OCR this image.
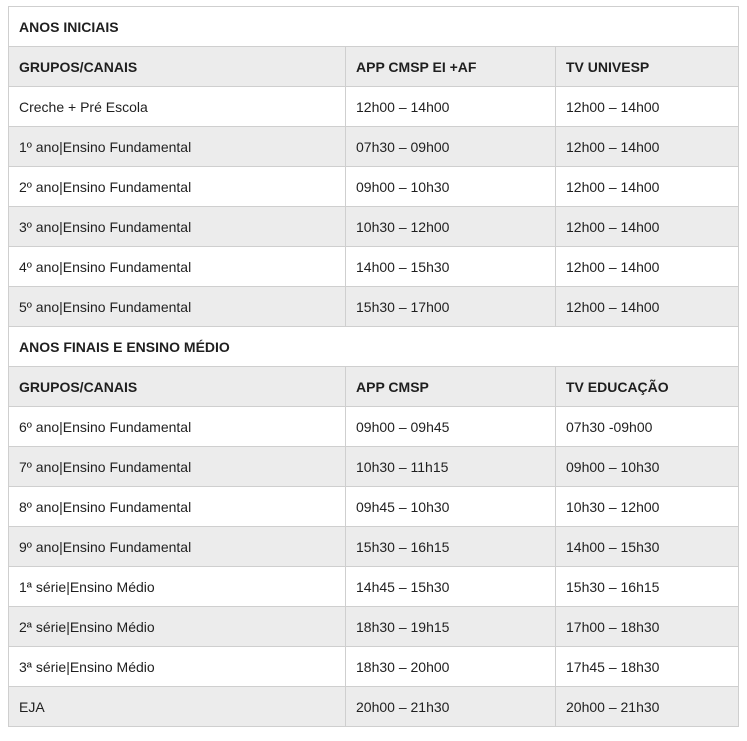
ANOS INICIAIS		
GRUPOS/CANAIS	APP CMSP EI +AF	TV UNIVESP
Creche + Pré Escola	12h00 – 14h00	12h00 – 14h00
1º ano|Ensino Fundamental	07h30 – 09h00	12h00 – 14h00
2º ano|Ensino Fundamental	09h00 – 10h30	12h00 – 14h00
3º ano|Ensino Fundamental	10h30 – 12h00	12h00 – 14h00
4º ano|Ensino Fundamental	14h00 – 15h30	12h00 – 14h00
5º ano|Ensino Fundamental	15h30 – 17h00	12h00 – 14h00
ANOS FINAIS E ENSINO MÉDIO		
GRUPOS/CANAIS	APP CMSP	TV EDUCAÇÃO
6º ano|Ensino Fundamental	09h00 – 09h45	07h30 -09h00
7º ano|Ensino Fundamental	10h30 – 11h15	09h00 – 10h30
8º ano|Ensino Fundamental	09h45 – 10h30	10h30 – 12h00
9º ano|Ensino Fundamental	15h30 – 16h15	14h00 – 15h30
1ª série|Ensino Médio	14h45 – 15h30	15h30 – 16h15
2ª série|Ensino Médio	18h30 – 19h15	17h00 – 18h30
3ª série|Ensino Médio	18h30 – 20h00	17h45 – 18h30
EJA	20h00 – 21h30	20h00 – 21h30
